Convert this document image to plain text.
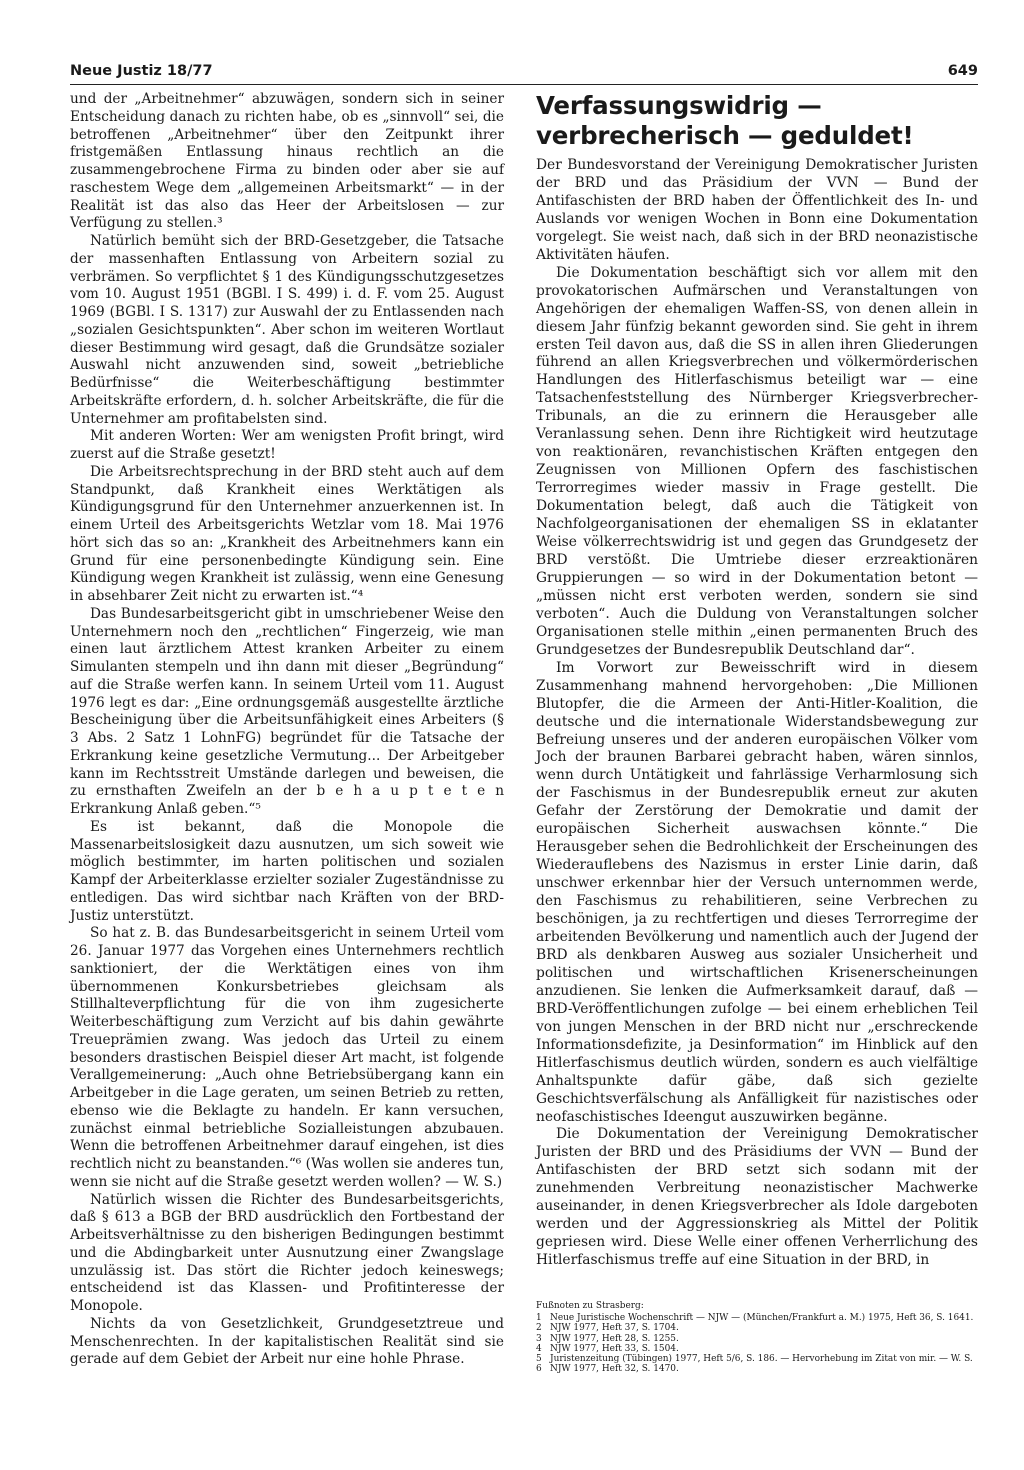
Neue Justiz 18/77	649

und der „Arbeitnehmer“ abzuwägen, sondern sich in seiner Entscheidung danach zu richten habe, ob es „sinnvoll“ sei, die betroffenen „Arbeitnehmer“ über den Zeitpunkt ihrer fristgemäßen Entlassung hinaus rechtlich an die zusammengebrochene Firma zu binden oder aber sie auf raschestem Wege dem „allgemeinen Arbeitsmarkt“ — in der Realität ist das also das Heer der Arbeitslosen — zur Verfügung zu stellen.³

Natürlich bemüht sich der BRD-Gesetzgeber, die Tatsache der massenhaften Entlassung von Arbeitern sozial zu verbrämen. So verpflichtet § 1 des Kündigungsschutzgesetzes vom 10. August 1951 (BGBl. I S. 499) i. d. F. vom 25. August 1969 (BGBl. I S. 1317) zur Auswahl der zu Entlassenden nach „sozialen Gesichtspunkten“. Aber schon im weiteren Wortlaut dieser Bestimmung wird gesagt, daß die Grundsätze sozialer Auswahl nicht anzuwenden sind, soweit „betriebliche Bedürfnisse“ die Weiterbeschäftigung bestimmter Arbeitskräfte erfordern, d. h. solcher Arbeitskräfte, die für die Unternehmer am profitabelsten sind.

Mit anderen Worten: Wer am wenigsten Profit bringt, wird zuerst auf die Straße gesetzt!

Die Arbeitsrechtsprechung in der BRD steht auch auf dem Standpunkt, daß Krankheit eines Werktätigen als Kündigungsgrund für den Unternehmer anzuerkennen ist. In einem Urteil des Arbeitsgerichts Wetzlar vom 18. Mai 1976 hört sich das so an: „Krankheit des Arbeitnehmers kann ein Grund für eine personenbedingte Kündigung sein. Eine Kündigung wegen Krankheit ist zulässig, wenn eine Genesung in absehbarer Zeit nicht zu erwarten ist.“⁴

Das Bundesarbeitsgericht gibt in umschriebener Weise den Unternehmern noch den „rechtlichen“ Fingerzeig, wie man einen laut ärztlichem Attest kranken Arbeiter zu einem Simulanten stempeln und ihn dann mit dieser „Begründung“ auf die Straße werfen kann. In seinem Urteil vom 11. August 1976 legt es dar: „Eine ordnungsgemäß ausgestellte ärztliche Bescheinigung über die Arbeitsunfähigkeit eines Arbeiters (§ 3 Abs. 2 Satz 1 LohnFG) begründet für die Tatsache der Erkrankung keine gesetzliche Vermutung... Der Arbeitgeber kann im Rechtsstreit Umstände darlegen und beweisen, die zu ernsthaften Zweifeln an der b e h a u p t e t e n Erkrankung Anlaß geben.“⁵

Es ist bekannt, daß die Monopole die Massenarbeitslosigkeit dazu ausnutzen, um sich soweit wie möglich bestimmter, im harten politischen und sozialen Kampf der Arbeiterklasse erzielter sozialer Zugeständnisse zu entledigen. Das wird sichtbar nach Kräften von der BRD-Justiz unterstützt.

So hat z. B. das Bundesarbeitsgericht in seinem Urteil vom 26. Januar 1977 das Vorgehen eines Unternehmers rechtlich sanktioniert, der die Werktätigen eines von ihm übernommenen Konkursbetriebes gleichsam als Stillhalteverpflichtung für die von ihm zugesicherte Weiterbeschäftigung zum Verzicht auf bis dahin gewährte Treueprämien zwang. Was jedoch das Urteil zu einem besonders drastischen Beispiel dieser Art macht, ist folgende Verallgemeinerung: „Auch ohne Betriebsübergang kann ein Arbeitgeber in die Lage geraten, um seinen Betrieb zu retten, ebenso wie die Beklagte zu handeln. Er kann versuchen, zunächst einmal betriebliche Sozialleistungen abzubauen. Wenn die betroffenen Arbeitnehmer darauf eingehen, ist dies rechtlich nicht zu beanstanden.“⁶ (Was wollen sie anderes tun, wenn sie nicht auf die Straße gesetzt werden wollen? — W. S.)

Natürlich wissen die Richter des Bundesarbeitsgerichts, daß § 613 a BGB der BRD ausdrücklich den Fortbestand der Arbeitsverhältnisse zu den bisherigen Bedingungen bestimmt und die Abdingbarkeit unter Ausnutzung einer Zwangslage unzulässig ist. Das stört die Richter jedoch keineswegs; entscheidend ist das Klassen- und Profitinteresse der Monopole.

Nichts da von Gesetzlichkeit, Grundgesetztreue und Menschenrechten. In der kapitalistischen Realität sind sie gerade auf dem Gebiet der Arbeit nur eine hohle Phrase.

Verfassungswidrig — verbrecherisch — geduldet!

Der Bundesvorstand der Vereinigung Demokratischer Juristen der BRD und das Präsidium der VVN — Bund der Antifaschisten der BRD haben der Öffentlichkeit des In- und Auslands vor wenigen Wochen in Bonn eine Dokumentation vorgelegt. Sie weist nach, daß sich in der BRD neonazistische Aktivitäten häufen.

Die Dokumentation beschäftigt sich vor allem mit den provokatorischen Aufmärschen und Veranstaltungen von Angehörigen der ehemaligen Waffen-SS, von denen allein in diesem Jahr fünfzig bekannt geworden sind. Sie geht in ihrem ersten Teil davon aus, daß die SS in allen ihren Gliederungen führend an allen Kriegsverbrechen und völkermörderischen Handlungen des Hitlerfaschismus beteiligt war — eine Tatsachenfeststellung des Nürnberger Kriegsverbrecher-Tribunals, an die zu erinnern die Herausgeber alle Veranlassung sehen. Denn ihre Richtigkeit wird heutzutage von reaktionären, revanchistischen Kräften entgegen den Zeugnissen von Millionen Opfern des faschistischen Terrorregimes wieder massiv in Frage gestellt. Die Dokumentation belegt, daß auch die Tätigkeit von Nachfolgeorganisationen der ehemaligen SS in eklatanter Weise völkerrechtswidrig ist und gegen das Grundgesetz der BRD verstößt. Die Umtriebe dieser erzreaktionären Gruppierungen — so wird in der Dokumentation betont — „müssen nicht erst verboten werden, sondern sie sind verboten“. Auch die Duldung von Veranstaltungen solcher Organisationen stelle mithin „einen permanenten Bruch des Grundgesetzes der Bundesrepublik Deutschland dar“.

Im Vorwort zur Beweisschrift wird in diesem Zusammenhang mahnend hervorgehoben: „Die Millionen Blutopfer, die die Armeen der Anti-Hitler-Koalition, die deutsche und die internationale Widerstandsbewegung zur Befreiung unseres und der anderen europäischen Völker vom Joch der braunen Barbarei gebracht haben, wären sinnlos, wenn durch Untätigkeit und fahrlässige Verharmlosung sich der Faschismus in der Bundesrepublik erneut zur akuten Gefahr der Zerstörung der Demokratie und damit der europäischen Sicherheit auswachsen könnte.“ Die Herausgeber sehen die Bedrohlichkeit der Erscheinungen des Wiederauflebens des Nazismus in erster Linie darin, daß unschwer erkennbar hier der Versuch unternommen werde, den Faschismus zu rehabilitieren, seine Verbrechen zu beschönigen, ja zu rechtfertigen und dieses Terrorregime der arbeitenden Bevölkerung und namentlich auch der Jugend der BRD als denkbaren Ausweg aus sozialer Unsicherheit und politischen und wirtschaftlichen Krisenerscheinungen anzudienen. Sie lenken die Aufmerksamkeit darauf, daß — BRD-Veröffentlichungen zufolge — bei einem erheblichen Teil von jungen Menschen in der BRD nicht nur „erschreckende Informationsdefizite, ja Desinformation“ im Hinblick auf den Hitlerfaschismus deutlich würden, sondern es auch vielfältige Anhaltspunkte dafür gäbe, daß sich gezielte Geschichtsverfälschung als Anfälligkeit für nazistisches oder neofaschistisches Ideengut auszuwirken begänne.

Die Dokumentation der Vereinigung Demokratischer Juristen der BRD und des Präsidiums der VVN — Bund der Antifaschisten der BRD setzt sich sodann mit der zunehmenden Verbreitung neonazistischer Machwerke auseinander, in denen Kriegsverbrecher als Idole dargeboten werden und der Aggressionskrieg als Mittel der Politik gepriesen wird. Diese Welle einer offenen Verherrlichung des Hitlerfaschismus treffe auf eine Situation in der BRD, in

Fußnoten zu Strasberg:

1 Neue Juristische Wochenschrift — NJW — (München/Frankfurt a. M.) 1975, Heft 36, S. 1641.
2 NJW 1977, Heft 37, S. 1704.
3 NJW 1977, Heft 28, S. 1255.
4 NJW 1977, Heft 33, S. 1504.
5 Juristenzeitung (Tübingen) 1977, Heft 5/6, S. 186. — Hervorhebung im Zitat von mir. — W. S.
6 NJW 1977, Heft 32, S. 1470.
